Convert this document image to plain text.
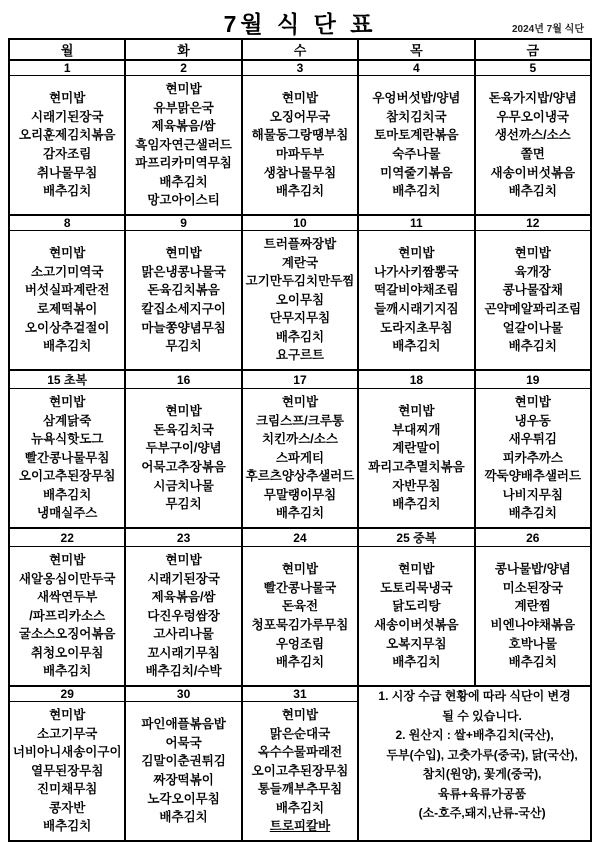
7월 식 단 표	2024년 7월 식단
월	화	수	목	금
1	2	3	4	5

현미밥
시래기된장국
오리훈제김치볶음
감자조림
취나물무침
배추김치

현미밥
유부맑은국
제육볶음/쌈
흑임자연근샐러드
파프리카미역무침
배추김치
망고아이스티

현미밥
오징어무국
해물동그랑땡부침
마파두부
생참나물무침
배추김치

우엉버섯밥/양념
참치김치국
토마토계란볶음
숙주나물
미역줄기볶음
배추김치

돈육가지밥/양념
우무오이냉국
생선까스/소스
쫄면
새송이버섯볶음
배추김치

8	9	10	11	12

현미밥
소고기미역국
버섯실파계란전
로제떡볶이
오이상추겉절이
배추김치

현미밥
맑은냉콩나물국
돈육김치볶음
칼집소세지구이
마늘쫑양념무침
무김치

트러플짜장밥
계란국
고기만두김치만두찜
오이무침
단무지무침
배추김치
요구르트

현미밥
나가사키짬뽕국
떡갈비야채조림
들깨시래기지짐
도라지초무침
배추김치

현미밥
육개장
콩나물잡채
곤약메알꽈리조림
얼갈이나물
배추김치

15 초복	16	17	18	19

현미밥
삼계닭죽
뉴욕식핫도그
빨간콩나물무침
오이고추된장무침
배추김치
냉매실주스

현미밥
돈육김치국
두부구이/양념
어묵고추장볶음
시금치나물
무김치

현미밥
크림스프/크루통
치킨까스/소스
스파게티
후르츠양상추샐러드
무말랭이무침
배추김치

현미밥
부대찌개
계란말이
꽈리고추멸치볶음
자반무침
배추김치

현미밥
냉우동
새우튀김
피카추까스
깍둑양배추샐러드
나비지무침
배추김치

22	23	24	25 중복	26

현미밥
새알옹심이만두국
새싹연두부
/파프리카소스
굴소스오징어볶음
취청오이무침
배추김치

현미밥
시래기된장국
제육볶음/쌈
다진우렁쌈장
고사리나물
꼬시래기무침
배추김치/수박

현미밥
빨간콩나물국
돈육전
청포묵김가루무침
우엉조림
배추김치

현미밥
도토리묵냉국
닭도리탕
새송이버섯볶음
오복지무침
배추김치

콩나물밥/양념
미소된장국
계란찜
비엔나야채볶음
호박나물
배추김치

29	30	31	1. 시장 수급 현황에 따라 식단이 변경
될 수 있습니다.
2. 원산지 : 쌀+배추김치(국산),
두부(수입), 고춧가루(중국), 닭(국산),
참치(원양), 꽃게(중국),
육류+육류가공품
(소-호주,돼지,난류-국산)

현미밥
소고기무국
너비아니새송이구이
열무된장무침
진미채무침
콩자반
배추김치

파인애플볶음밥
어묵국
김말이춘권튀김
짜장떡볶이
노각오이무침
배추김치

현미밥
맑은순대국
옥수수물파래전
오이고추된장무침
통들깨부추무침
배추김치
트로피칼바
